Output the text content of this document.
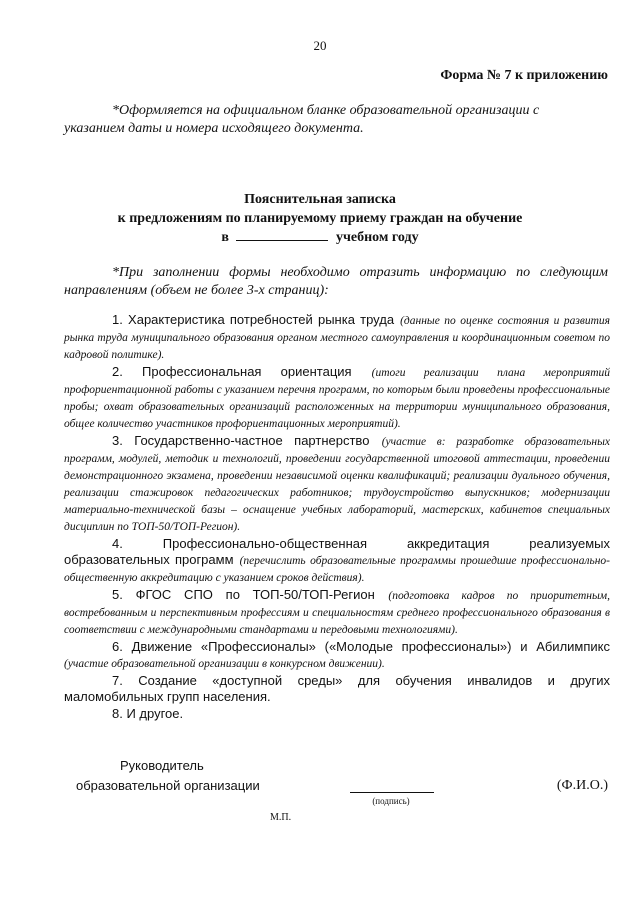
20
Форма № 7 к приложению
*Оформляется на официальном бланке образовательной организации с
указанием даты и номера исходящего документа.
Пояснительная записка
к предложениям по планируемому приему граждан на обучение
в	учебном году
*При заполнении формы необходимо отразить информацию по следующим направлениям (объем не более 3-х страниц):

1. Характеристика потребностей рынка труда (данные по оценке состояния и развития рынка труда муниципального образования органом местного самоуправления и координационным советом по кадровой политике).

2. Профессиональная ориентация (итоги реализации плана мероприятий профориентационной работы с указанием перечня программ, по которым были проведены профессиональные пробы; охват образовательных организаций расположенных на территории муниципального образования, общее количество участников профориентационных мероприятий).

3. Государственно-частное партнерство (участие в: разработке образовательных программ, модулей, методик и технологий, проведении государственной итоговой аттестации, проведении демонстрационного экзамена, проведении независимой оценки квалификаций; реализации дуального обучения, реализации стажировок педагогических работников; трудоустройство выпускников; модернизации материально-технической базы – оснащение учебных лабораторий, мастерских, кабинетов специальных дисциплин по ТОП-50/ТОП-Регион).

4. Профессионально-общественная аккредитация реализуемых образовательных программ (перечислить образовательные программы прошедшие профессионально-общественную аккредитацию с указанием сроков действия).

5. ФГОС СПО по ТОП-50/ТОП-Регион (подготовка кадров по приоритетным, востребованным и перспективным профессиям и специальностям среднего профессионального образования в соответствии с международными стандартами и передовыми технологиями).

6. Движение «Профессионалы» («Молодые профессионалы») и Абилимпикс (участие образовательной организации в конкурсном движении).

7. Создание «доступной среды» для обучения инвалидов и других маломобильных групп населения.

8. И другое.

Руководитель
образовательной организации
(подпись)
(Ф.И.О.)
М.П.
